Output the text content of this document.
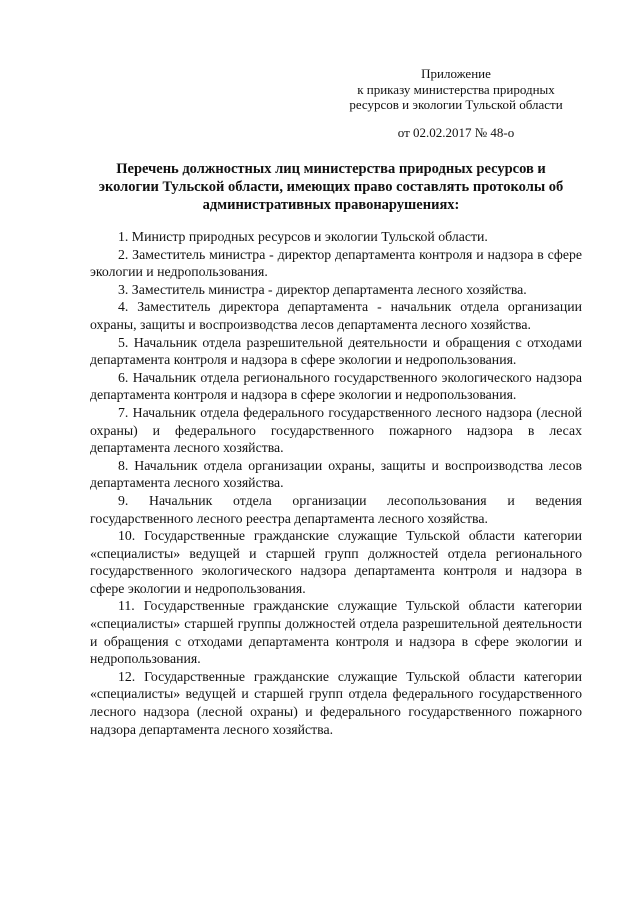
Приложение
к приказу министерства природных
ресурсов и экологии Тульской области
от 02.02.2017 № 48-о
Перечень должностных лиц министерства природных ресурсов и
экологии Тульской области, имеющих право составлять протоколы об
административных правонарушениях:

1. Министр природных ресурсов и экологии Тульской области.

2. Заместитель министра - директор департамента контроля и надзора в сфере экологии и недропользования.

3. Заместитель министра - директор департамента лесного хозяйства.

4. Заместитель директора департамента - начальник отдела организации охраны, защиты и воспроизводства лесов департамента лесного хозяйства.

5. Начальник отдела разрешительной деятельности и обращения с отходами департамента контроля и надзора в сфере экологии и недропользования.

6. Начальник отдела регионального государственного экологического надзора департамента контроля и надзора в сфере экологии и недропользования.

7. Начальник отдела федерального государственного лесного надзора (лесной охраны) и федерального государственного пожарного надзора в лесах департамента лесного хозяйства.

8. Начальник отдела организации охраны, защиты и воспроизводства лесов департамента лесного хозяйства.

9. Начальник отдела организации лесопользования и ведения государственного лесного реестра департамента лесного хозяйства.

10. Государственные гражданские служащие Тульской области категории «специалисты» ведущей и старшей групп должностей отдела регионального государственного экологического надзора департамента контроля и надзора в сфере экологии и недропользования.

11. Государственные гражданские служащие Тульской области категории «специалисты» старшей группы должностей отдела разрешительной деятельности и обращения с отходами департамента контроля и надзора в сфере экологии и недропользования.

12. Государственные гражданские служащие Тульской области категории «специалисты» ведущей и старшей групп отдела федерального государственного лесного надзора (лесной охраны) и федерального государственного пожарного надзора департамента лесного хозяйства.
